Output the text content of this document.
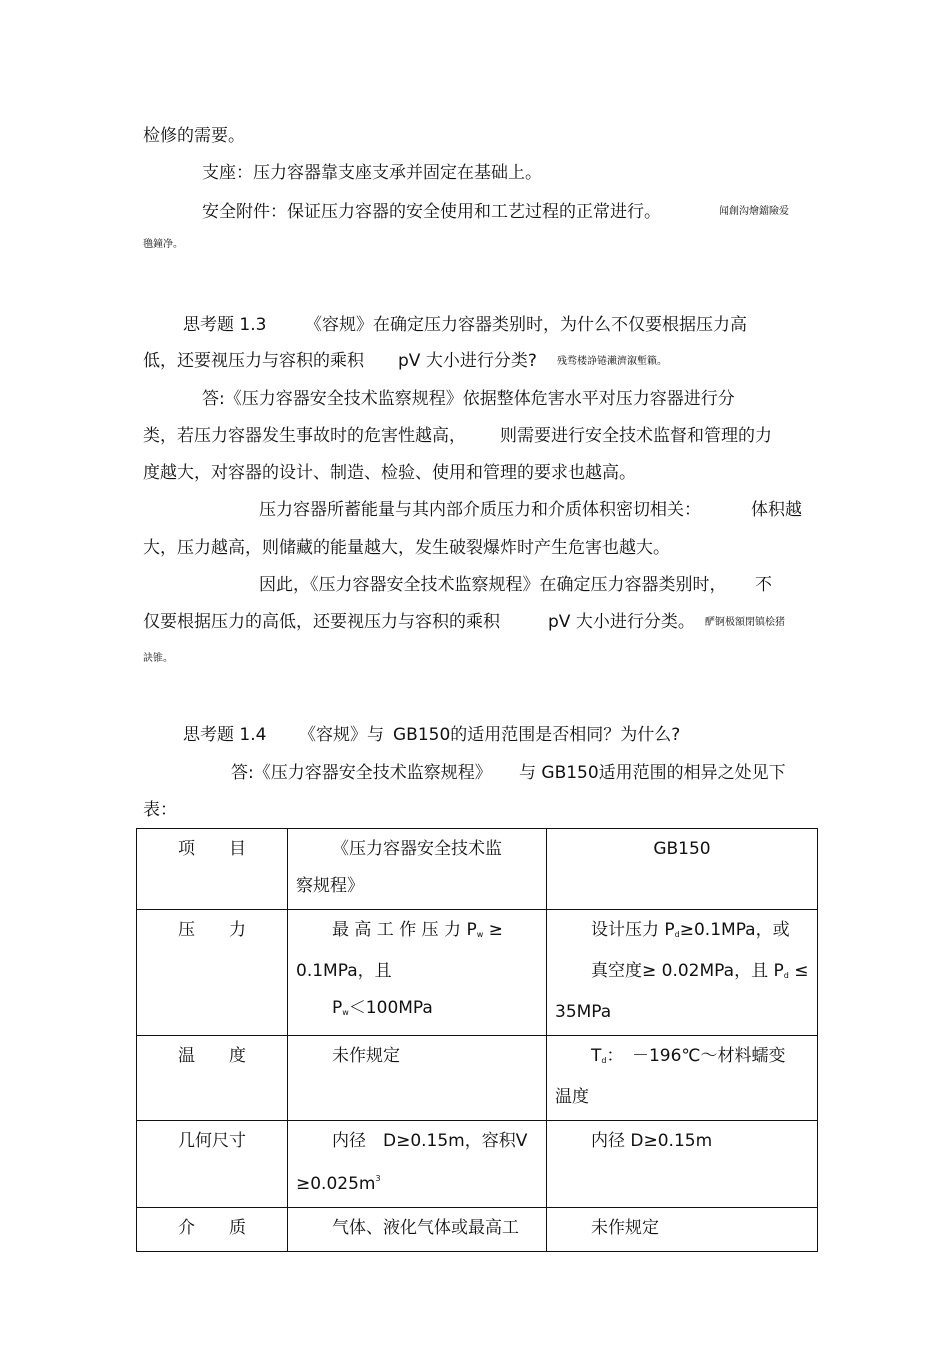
检修的需要。
支座：压力容器靠支座支承并固定在基础上。
安全附件：保证压力容器的安全使用和工艺过程的正常进行。	闻創沟燴鐺險爱
氇鐘净。
思考题 1.3 《容规》在确定压力容器类别时，为什么不仅要根据压力高
低，还要视压力与容积的乘积 pV 大小进行分类? 残骛楼諍锩瀨濟溆塹籟。
答:《压力容器安全技术监察规程》依据整体危害水平对压力容器进行分
类，若压力容器发生事故时的危害性越高， 则需要进行安全技术监督和管理的力
度越大，对容器的设计、制造、检验、使用和管理的要求也越高。
压力容器所蓄能量与其内部介质压力和介质体积密切相关：	体积越
大，压力越高，则储藏的能量越大，发生破裂爆炸时产生危害也越大。
因此，《压力容器安全技术监察规程》在确定压力容器类别时， 不
仅要根据压力的高低，还要视压力与容积的乘积	pV 大小进行分类。 酽锕极額閉镇桧猪
訣锥。
思考题 1.4 《容规》与 GB150的适用范围是否相同？为什么?
答:《压力容器安全技术监察规程》 与 GB150适用范围的相异之处见下
表：
项　　目	《压力容器安全技术监
察规程》	GB150
压　　力	最 高 工 作 压 力 $P_w$ ≥
0.1MPa，且
$P_w<100MPa$	设计压力 $P_d\ge 0.1MPa$，或
真空度≥ 0.02MPa，且 $P_d$ ≤
35MPa

温　　度	未作规定	$T_d$：　－196℃～材料蠕变
温度

几何尺寸	内径　D≥0.15m，容积V
$\ge 0.025m^3$	内径 D≥0.15m

介　　质	气体、液化气体或最高工	未作规定
